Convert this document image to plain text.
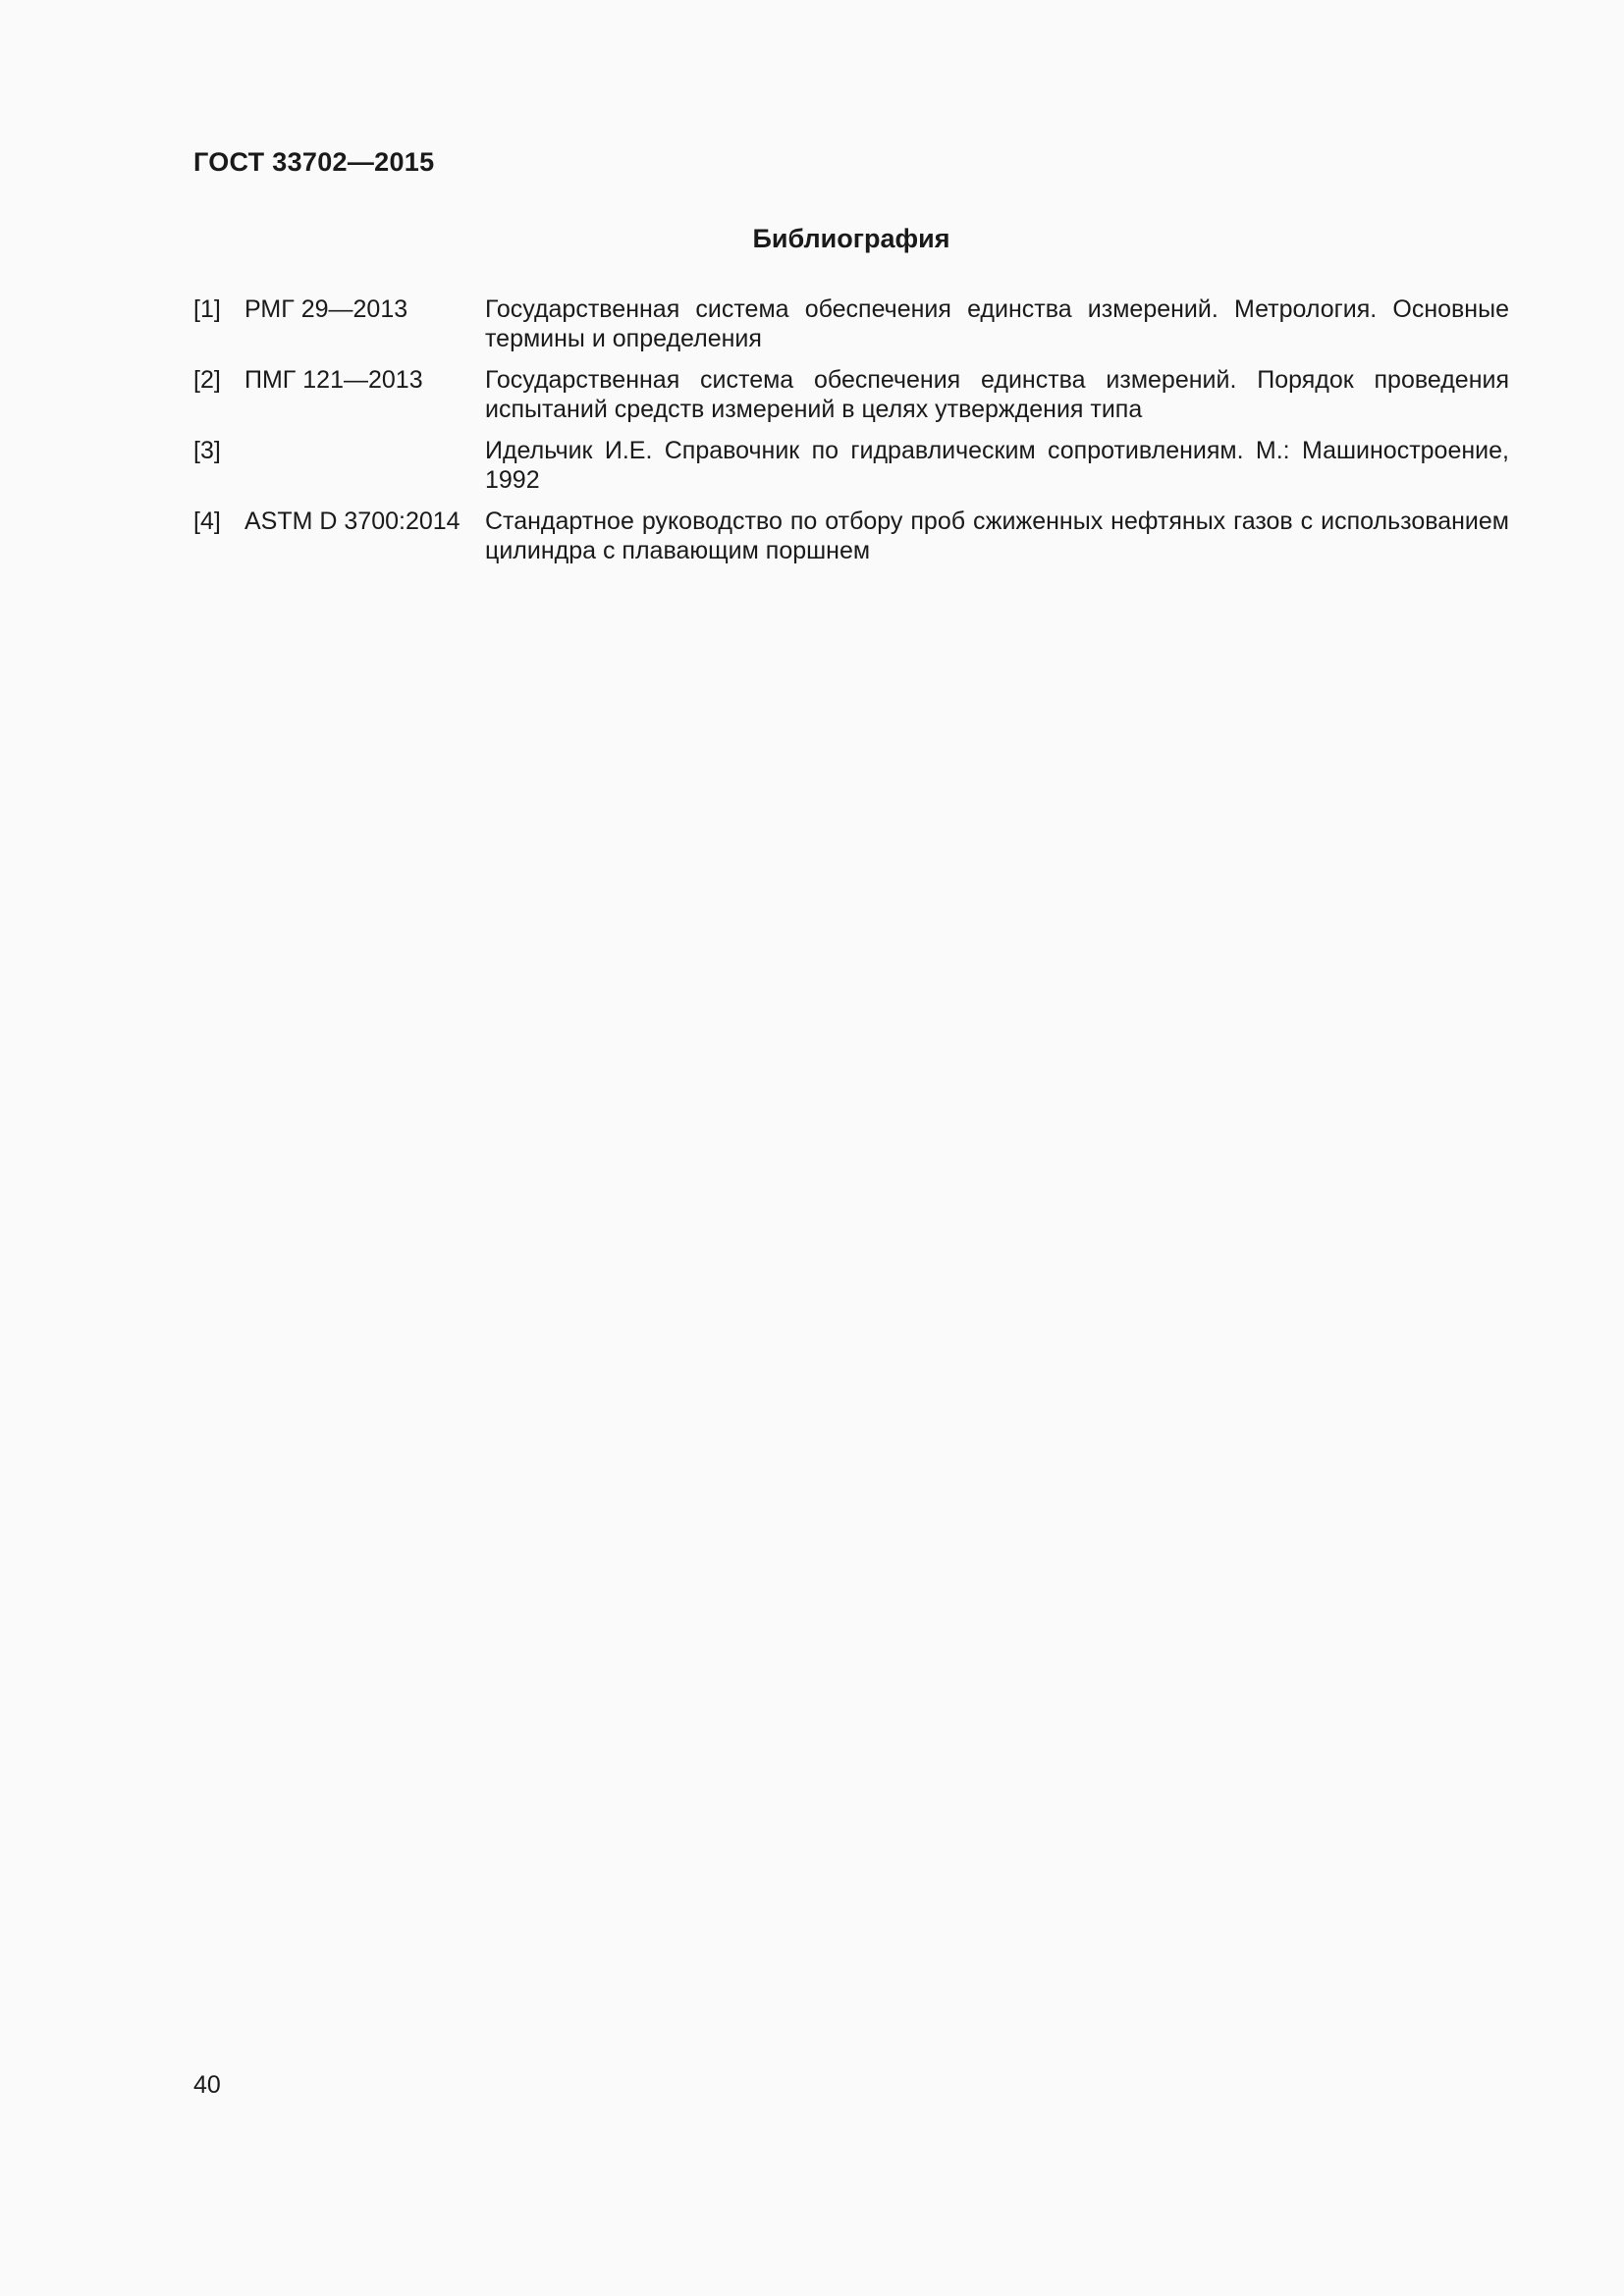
ГОСТ 33702—2015

Библиография
[1] РМГ 29—2013	Государственная система обеспечения единства измерений. Метрология. Основные термины и определения
[2] ПМГ 121—2013	Государственная система обеспечения единства измерений. Порядок проведения испытаний средств измерений в целях утверждения типа
[3]	Идельчик И.Е. Справочник по гидравлическим сопротивлениям. М.: Машиностроение, 1992
[4] ASTM D 3700:2014	Стандартное руководство по отбору проб сжиженных нефтяных газов с использованием цилиндра с плавающим поршнем

40
